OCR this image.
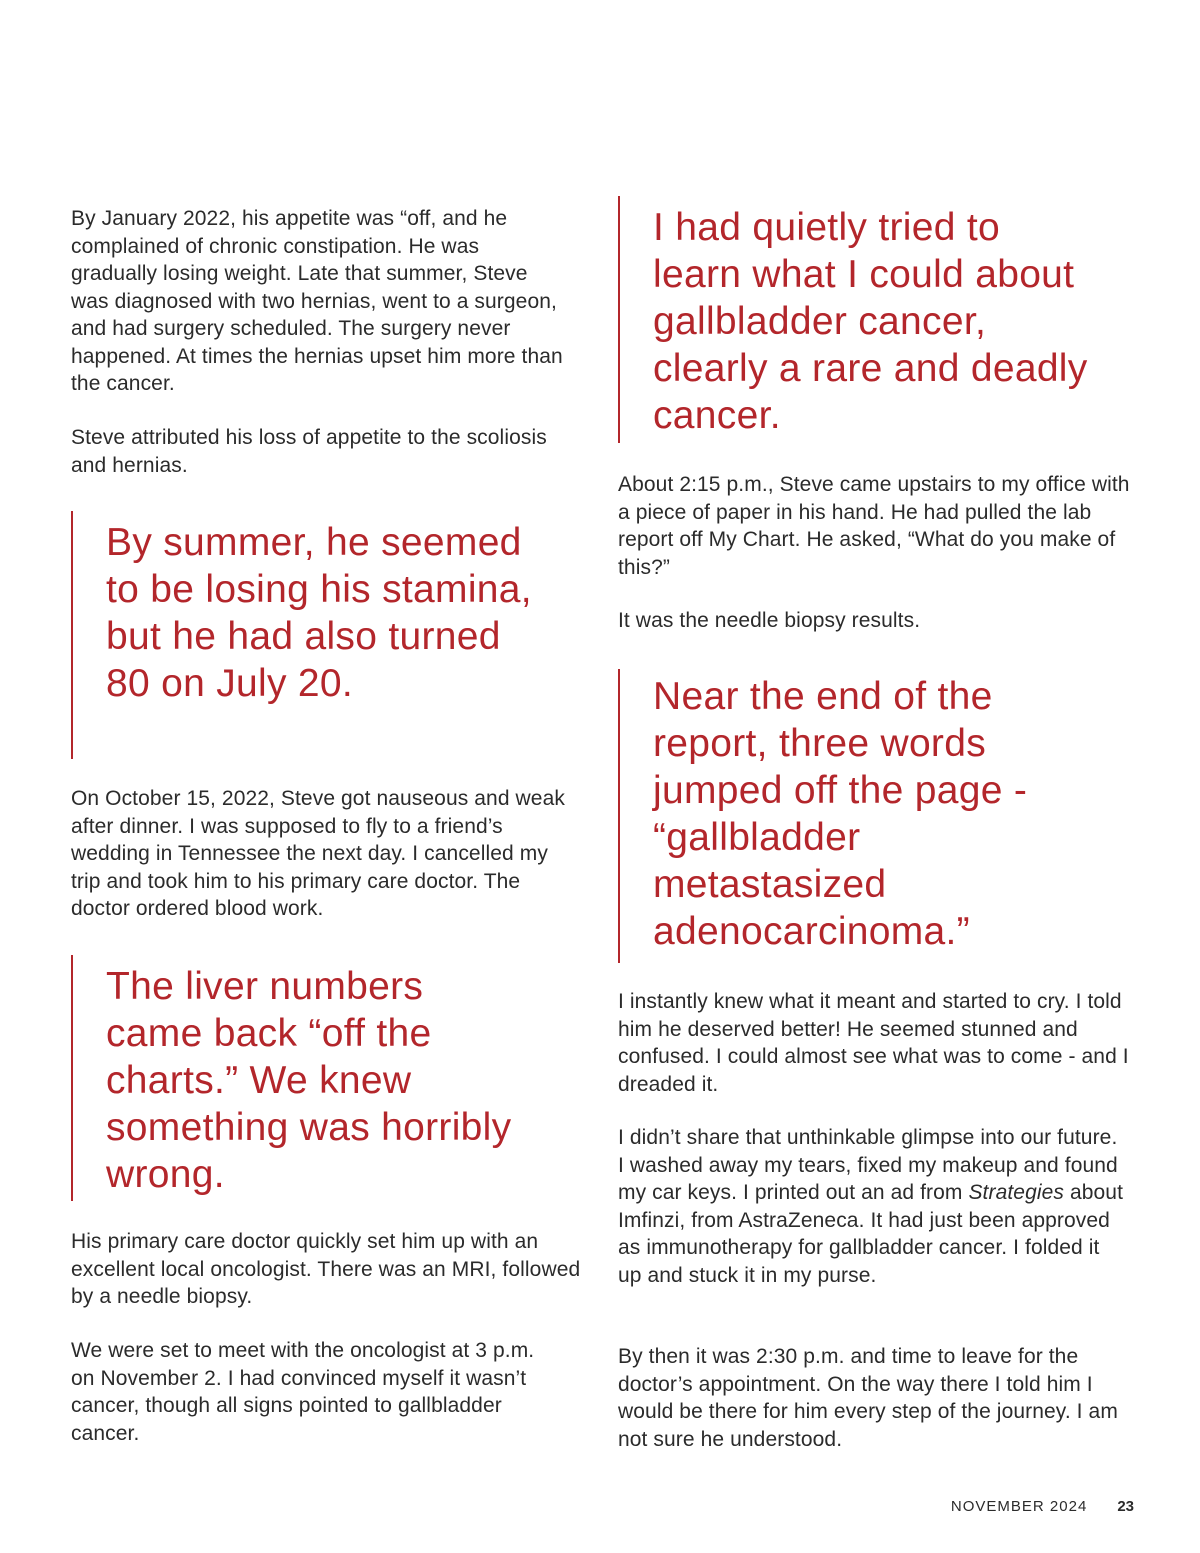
By January 2022, his appetite was “off, and he complained of chronic constipation. He was gradually losing weight. Late that summer, Steve was diagnosed with two hernias, went to a surgeon, and had surgery scheduled. The surgery never happened. At times the hernias upset him more than the cancer.

Steve attributed his loss of appetite to the scoliosis and hernias.

By summer, he seemed to be losing his stamina, but he had also turned 80 on July 20.

On October 15, 2022, Steve got nauseous and weak after dinner. I was supposed to fly to a friend’s wedding in Tennessee the next day. I cancelled my trip and took him to his primary care doctor. The doctor ordered blood work.

The liver numbers came back “off the charts.” We knew something was horribly wrong.

His primary care doctor quickly set him up with an excellent local oncologist. There was an MRI, followed by a needle biopsy.

We were set to meet with the oncologist at 3 p.m. on November 2. I had convinced myself it wasn’t cancer, though all signs pointed to gallbladder cancer.

I had quietly tried to learn what I could about gallbladder cancer, clearly a rare and deadly cancer.

About 2:15 p.m., Steve came upstairs to my office with a piece of paper in his hand. He had pulled the lab report off My Chart. He asked, “What do you make of this?”

It was the needle biopsy results.

Near the end of the report, three words jumped off the page - “gallbladder metastasized adenocarcinoma.”

I instantly knew what it meant and started to cry. I told him he deserved better! He seemed stunned and confused. I could almost see what was to come - and I dreaded it.

I didn’t share that unthinkable glimpse into our future. I washed away my tears, fixed my makeup and found my car keys. I printed out an ad from Strategies about Imfinzi, from AstraZeneca. It had just been approved as immunotherapy for gallbladder cancer. I folded it up and stuck it in my purse.

By then it was 2:30 p.m. and time to leave for the doctor’s appointment. On the way there I told him I would be there for him every step of the journey. I am not sure he understood.

NOVEMBER 2024 23
